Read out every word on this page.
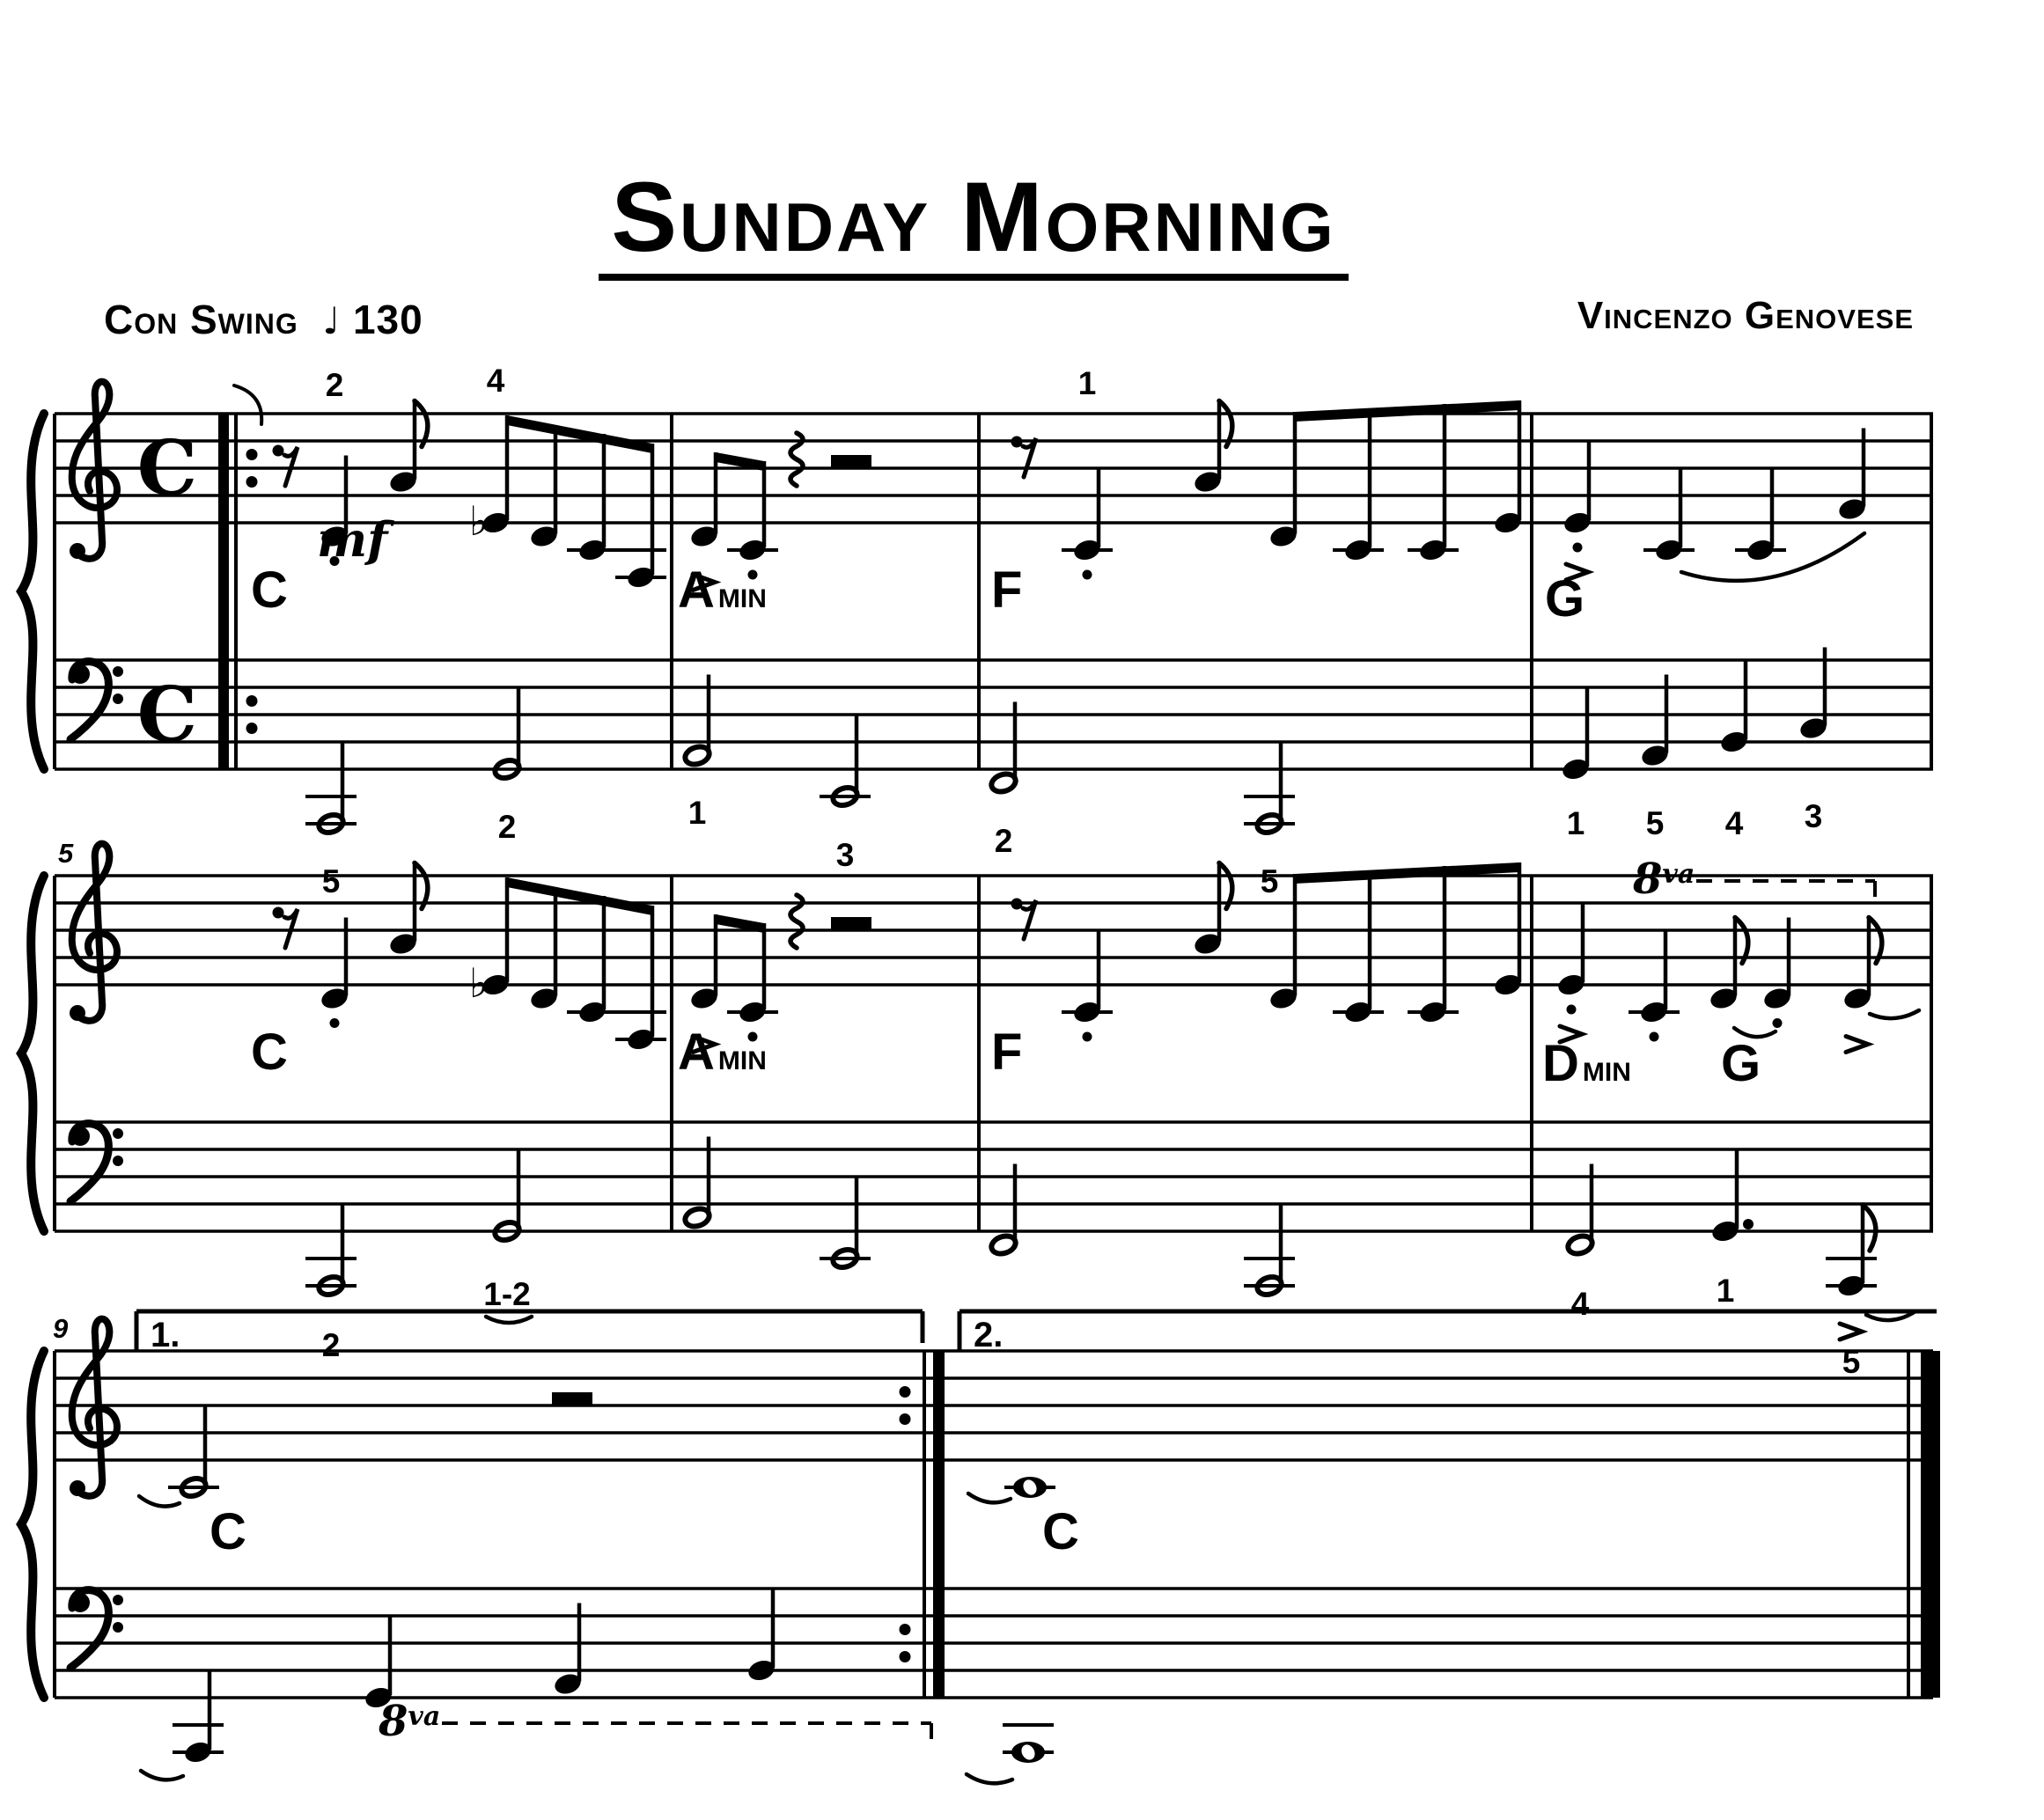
Sunday Morning
Con Swing ♩ 130	Vincenzo Genovese
C
C
2
♭
4	1
5
2	1
3	2
5
1 5 4 3
C	AMIN	F	G
mf
8va
♭
2
1-2	4	1
5
C	AMIN	F	DMIN G
5
C	C
8va
1.	2.
9
